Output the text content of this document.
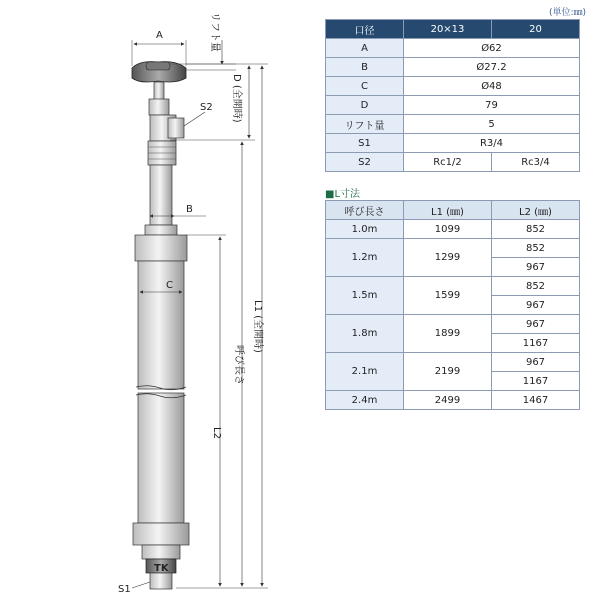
TK
A	リフト量
D (全開時)
S2
B
C
L2
呼び長さ
L1 (全開時)
S1
(単位:㎜)
口径	20×13	20
A	Ø62	
B	Ø27.2	
C	Ø48	
D	79	
リフト量	5	
S1	R3/4	
S2	Rc1/2	Rc3/4
■L寸法
呼び長さ	L1 (㎜)	L2 (㎜)
1.0m	1099	852
1.2m	1299	852
		967
1.5m	1599	852
		967
1.8m	1899	967
		1167
2.1m	2199	967
		1167
2.4m	2499	1467
